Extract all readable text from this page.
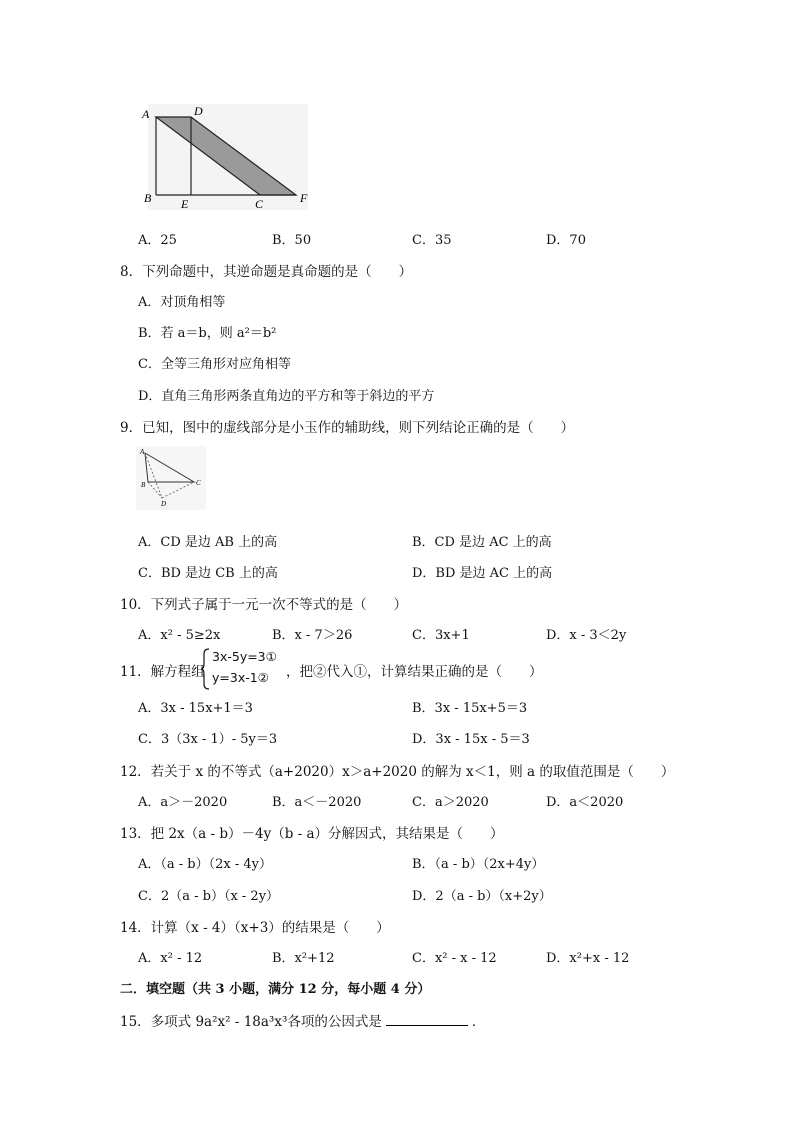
A	D
B E	C	F
A．25	B．50	C．35	D．70
8．下列命题中，其逆命题是真命题的是（　　）
A．对顶角相等
B．若 a＝b，则 a²＝b²
C．全等三角形对应角相等
D．直角三角形两条直角边的平方和等于斜边的平方
9．已知，图中的虚线部分是小玉作的辅助线，则下列结论正确的是（　　）
A
B	C
D
A．CD 是边 AB 上的高	B．CD 是边 AC 上的高
C．BD 是边 CB 上的高	D．BD 是边 AC 上的高
10．下列式子属于一元一次不等式的是（　　）
A．x² - 5≥2x	B．x - 7＞26	C．3x+1	D．x - 3＜2y
11．解方程组
3x-5y=3①
y=3x-1② ，把②代入①，计算结果正确的是（　　）
A．3x - 15x+1＝3	B．3x - 15x+5＝3
C．3（3x - 1）- 5y＝3	D．3x - 15x - 5＝3
12．若关于 x 的不等式（a+2020）x＞a+2020 的解为 x＜1，则 a 的取值范围是（　　）
A．a＞－2020	B．a＜－2020	C．a＞2020	D．a＜2020
13．把 2x（a - b）－4y（b - a）分解因式，其结果是（　　）
A．（a - b）（2x - 4y）	B．（a - b）（2x+4y）
C．2（a - b）（x - 2y）	D．2（a - b）（x+2y）
14．计算（x - 4）（x+3）的结果是（　　）
A．x² - 12	B．x²+12	C．x² - x - 12	D．x²+x - 12
二．填空题（共 3 小题，满分 12 分，每小题 4 分）
15．多项式 9a²x² - 18a³x³各项的公因式是	．
